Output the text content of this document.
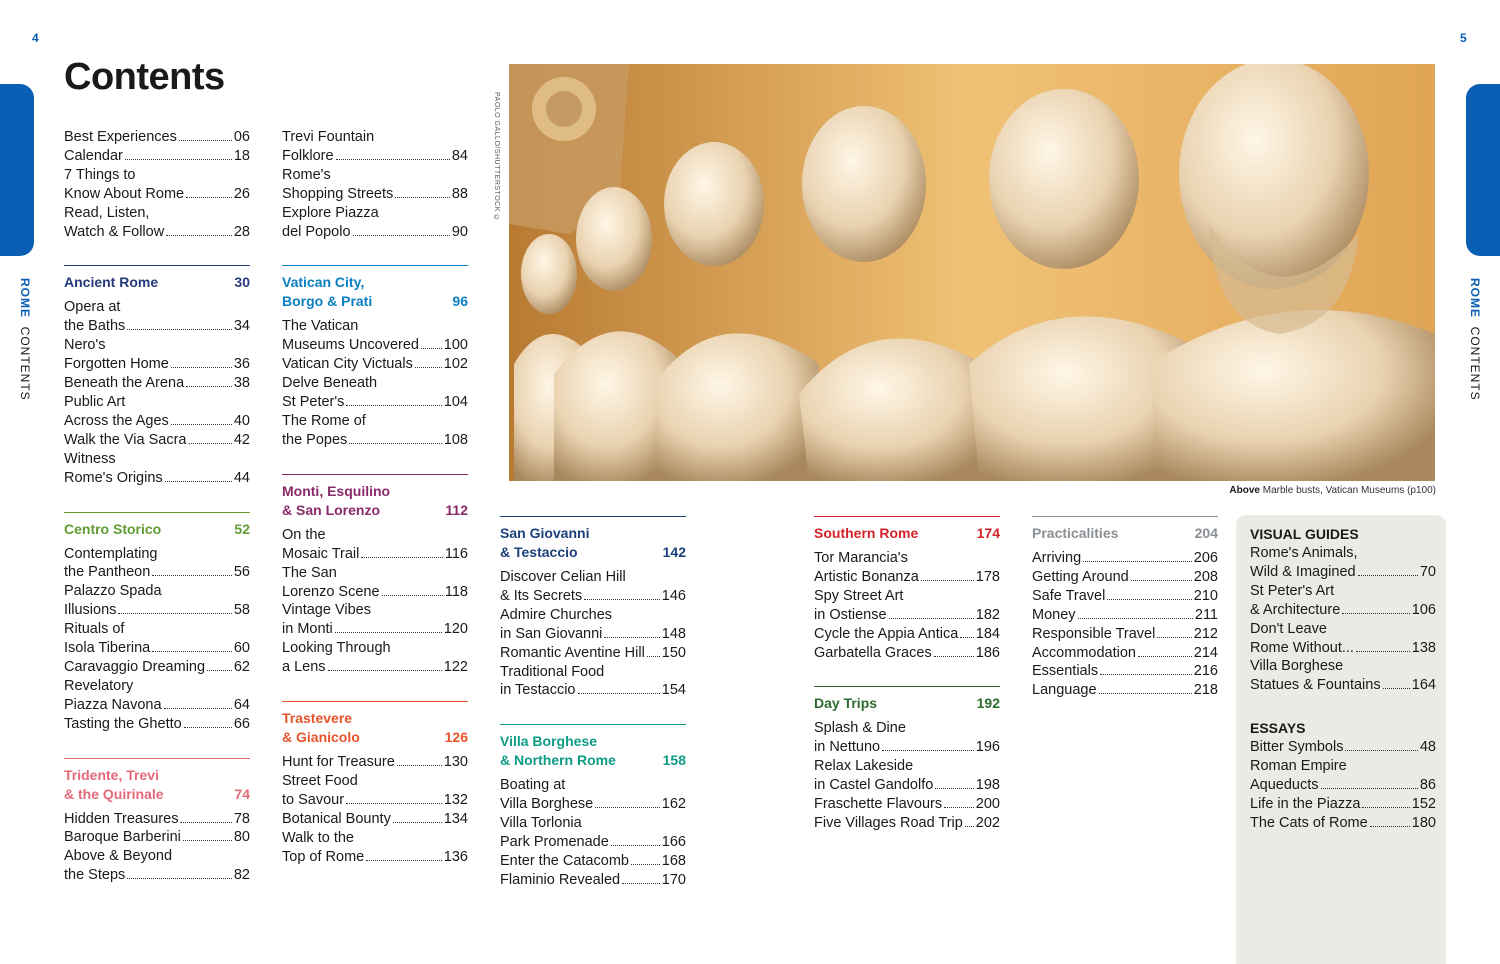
4	5
ROME  CONTENTS
ROME  CONTENTS
Contents
Best Experiences	06
Calendar	18
7 Things to
Know About Rome	26
Read, Listen,
Watch & Follow	28
Ancient Rome	30
Opera at
the Baths	34
Nero's
Forgotten Home	36
Beneath the Arena	38
Public Art
Across the Ages	40
Walk the Via Sacra	42
Witness
Rome's Origins	44
Centro Storico	52
Contemplating
the Pantheon	56
Palazzo Spada
Illusions	58
Rituals of
Isola Tiberina	60
Caravaggio Dreaming 62
Revelatory
Piazza Navona	64
Tasting the Ghetto	66
Tridente, Trevi
& the Quirinale	74
Hidden Treasures	78
Baroque Barberini	80
Above & Beyond
the Steps	82
Trevi Fountain
Folklore	84
Rome's
Shopping Streets	88
Explore Piazza
del Popolo	90
Vatican City,
Borgo & Prati	96
The Vatican
Museums Uncovered 100
Vatican City Victuals 102
Delve Beneath
St Peter's	104
The Rome of
the Popes	108
Monti, Esquilino
& San Lorenzo	112
On the
Mosaic Trail	116
The San
Lorenzo Scene	118
Vintage Vibes
in Monti	120
Looking Through
a Lens	122
Trastevere
& Gianicolo	126
Hunt for Treasure	130
Street Food
to Savour	132
Botanical Bounty	134
Walk to the
Top of Rome	136
PAOLO GALLO/SHUTTERSTOCK ©
Above Marble busts, Vatican Museums (p100)
San Giovanni
& Testaccio	142
Discover Celian Hill
& Its Secrets	146
Admire Churches
in San Giovanni	148
Romantic Aventine Hill 150
Traditional Food
in Testaccio	154
Villa Borghese
& Northern Rome	158
Boating at
Villa Borghese	162
Villa Torlonia
Park Promenade	166
Enter the Catacomb 168
Flaminio Revealed	170
Southern Rome	174
Tor Marancia's
Artistic Bonanza	178
Spy Street Art
in Ostiense	182
Cycle the Appia Antica 184
Garbatella Graces	186
Day Trips	192
Splash & Dine
in Nettuno	196
Relax Lakeside
in Castel Gandolfo	198
Fraschette Flavours 200
Five Villages Road Trip 202
Practicalities	204
Arriving	206
Getting Around	208
Safe Travel	210
Money	211
Responsible Travel	212
Accommodation	214
Essentials	216
Language	218
VISUAL GUIDES
Rome's Animals,
Wild & Imagined	70
St Peter's Art
& Architecture	106
Don't Leave
Rome Without...	138
Villa Borghese
Statues & Fountains 164
ESSAYS
Bitter Symbols	48
Roman Empire
Aqueducts	86
Life in the Piazza	152
The Cats of Rome	180
